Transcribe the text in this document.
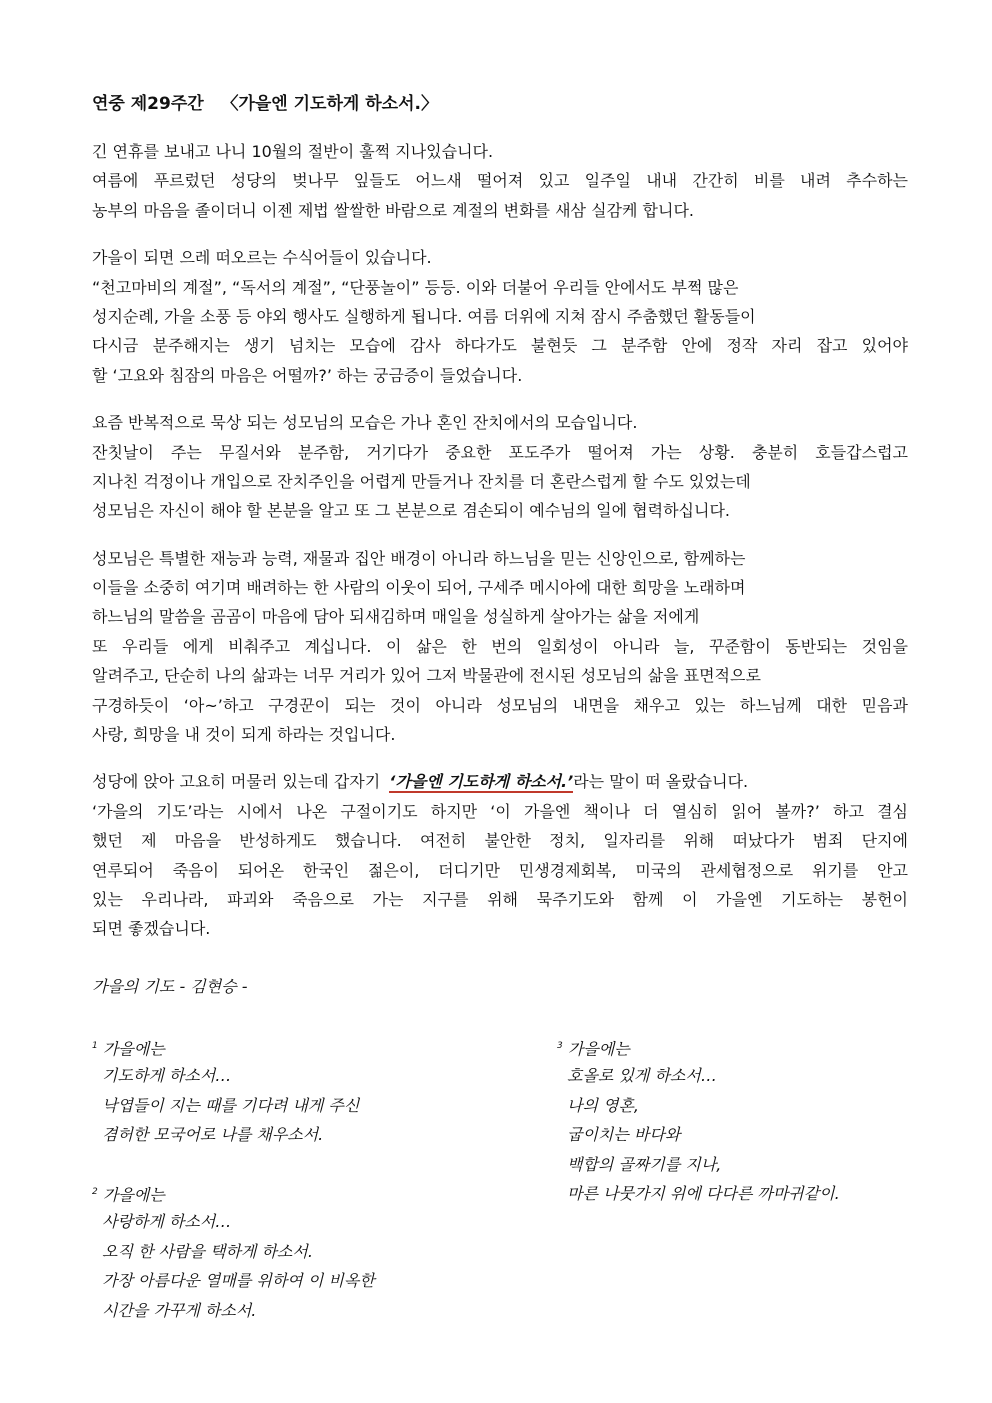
연중 제29주간   〈가을엔 기도하게 하소서.〉
긴 연휴를 보내고 나니 10월의 절반이 훌쩍 지나있습니다.
여름에 푸르렀던 성당의 벚나무 잎들도 어느새 떨어져 있고 일주일 내내 간간히 비를 내려 추수하는
농부의 마음을 졸이더니 이젠 제법 쌀쌀한 바람으로 계절의 변화를 새삼 실감케 합니다.
가을이 되면 으레 떠오르는 수식어들이 있습니다.
“천고마비의 계절”, “독서의 계절”, “단풍놀이” 등등. 이와 더불어 우리들 안에서도 부쩍 많은
성지순례, 가을 소풍 등 야외 행사도 실행하게 됩니다. 여름 더위에 지쳐 잠시 주춤했던 활동들이
다시금 분주해지는 생기 넘치는 모습에 감사 하다가도 불현듯 그 분주함 안에 정작 자리 잡고 있어야
할 ‘고요와 침잠의 마음은 어떨까?’ 하는 궁금증이 들었습니다.
요즘 반복적으로 묵상 되는 성모님의 모습은 가나 혼인 잔치에서의 모습입니다.
잔칫날이 주는 무질서와 분주함, 거기다가 중요한 포도주가 떨어져 가는 상황. 충분히 호들갑스럽고
지나친 걱정이나 개입으로 잔치주인을 어렵게 만들거나 잔치를 더 혼란스럽게 할 수도 있었는데
성모님은 자신이 해야 할 본분을 알고 또 그 본분으로 겸손되이 예수님의 일에 협력하십니다.
성모님은 특별한 재능과 능력, 재물과 집안 배경이 아니라 하느님을 믿는 신앙인으로, 함께하는
이들을 소중히 여기며 배려하는 한 사람의 이웃이 되어, 구세주 메시아에 대한 희망을 노래하며
하느님의 말씀을 곰곰이 마음에 담아 되새김하며 매일을 성실하게 살아가는 삶을 저에게
또 우리들 에게 비춰주고 계십니다. 이 삶은 한 번의 일회성이 아니라 늘, 꾸준함이 동반되는 것임을
알려주고, 단순히 나의 삶과는 너무 거리가 있어 그저 박물관에 전시된 성모님의 삶을 표면적으로
구경하듯이 ‘아~’하고 구경꾼이 되는 것이 아니라 성모님의 내면을 채우고 있는 하느님께 대한 믿음과
사랑, 희망을 내 것이 되게 하라는 것입니다.
성당에 앉아 고요히 머물러 있는데 갑자기 ‘가을엔 기도하게 하소서.’라는 말이 떠 올랐습니다.
‘가을의 기도’라는 시에서 나온 구절이기도 하지만 ‘이 가을엔 책이나 더 열심히 읽어 볼까?’ 하고 결심
했던 제 마음을 반성하게도 했습니다. 여전히 불안한 정치, 일자리를 위해 떠났다가 범죄 단지에
연루되어 죽음이 되어온 한국인 젊은이, 더디기만 민생경제회복, 미국의 관세협정으로 위기를 안고
있는 우리나라, 파괴와 죽음으로 가는 지구를 위해 묵주기도와 함께 이 가을엔 기도하는 봉헌이
되면 좋겠습니다.
가을의 기도 - 김현승 -
$^1$ 가을에는
기도하게 하소서…
낙엽들이 지는 때를 기다려 내게 주신
겸허한 모국어로 나를 채우소서.
$^2$ 가을에는
사랑하게 하소서…
오직 한 사람을 택하게 하소서.
가장 아름다운 열매를 위하여 이 비옥한
시간을 가꾸게 하소서.
$^3$ 가을에는
호올로 있게 하소서…
나의 영혼,
굽이치는 바다와
백합의 골짜기를 지나,
마른 나뭇가지 위에 다다른 까마귀같이.
